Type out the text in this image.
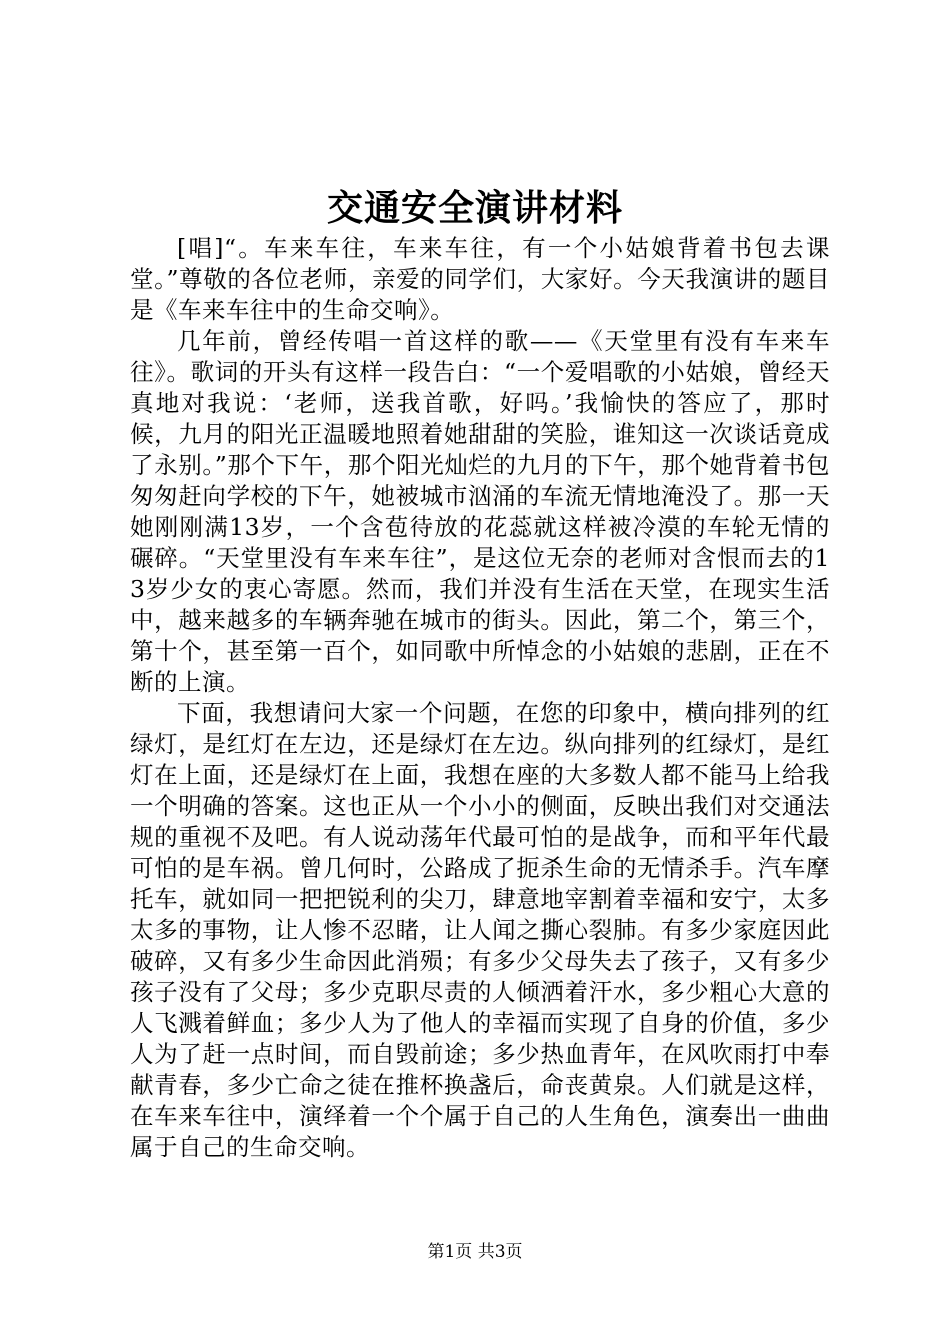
交通安全演讲材料

[唱]“。车来车往，车来车往，有一个小姑娘背着书包去课堂。”尊敬的各位老师，亲爱的同学们，大家好。今天我演讲的题目是《车来车往中的生命交响》。

几年前，曾经传唱一首这样的歌——《天堂里有没有车来车往》。歌词的开头有这样一段告白：“一个爱唱歌的小姑娘，曾经天真地对我说：‘老师，送我首歌，好吗。’我愉快的答应了，那时候，九月的阳光正温暖地照着她甜甜的笑脸，谁知这一次谈话竟成了永别。”那个下午，那个阳光灿烂的九月的下午，那个她背着书包匆匆赶向学校的下午，她被城市汹涌的车流无情地淹没了。那一天她刚刚满13岁，一个含苞待放的花蕊就这样被冷漠的车轮无情的碾碎。“天堂里没有车来车往”，是这位无奈的老师对含恨而去的13岁少女的衷心寄愿。然而，我们并没有生活在天堂，在现实生活中，越来越多的车辆奔驰在城市的街头。因此，第二个，第三个，第十个，甚至第一百个，如同歌中所悼念的小姑娘的悲剧，正在不断的上演。

下面，我想请问大家一个问题，在您的印象中，横向排列的红绿灯，是红灯在左边，还是绿灯在左边。纵向排列的红绿灯，是红灯在上面，还是绿灯在上面，我想在座的大多数人都不能马上给我一个明确的答案。这也正从一个小小的侧面，反映出我们对交通法规的重视不及吧。有人说动荡年代最可怕的是战争，而和平年代最可怕的是车祸。曾几何时，公路成了扼杀生命的无情杀手。汽车摩托车，就如同一把把锐利的尖刀，肆意地宰割着幸福和安宁，太多太多的事物，让人惨不忍睹，让人闻之撕心裂肺。有多少家庭因此破碎，又有多少生命因此消殒；有多少父母失去了孩子，又有多少孩子没有了父母；多少克职尽责的人倾洒着汗水，多少粗心大意的人飞溅着鲜血；多少人为了他人的幸福而实现了自身的价值，多少人为了赶一点时间，而自毁前途；多少热血青年，在风吹雨打中奉献青春，多少亡命之徒在推杯换盏后，命丧黄泉。人们就是这样，在车来车往中，演绎着一个个属于自己的人生角色，演奏出一曲曲属于自己的生命交响。

第1页 共3页
